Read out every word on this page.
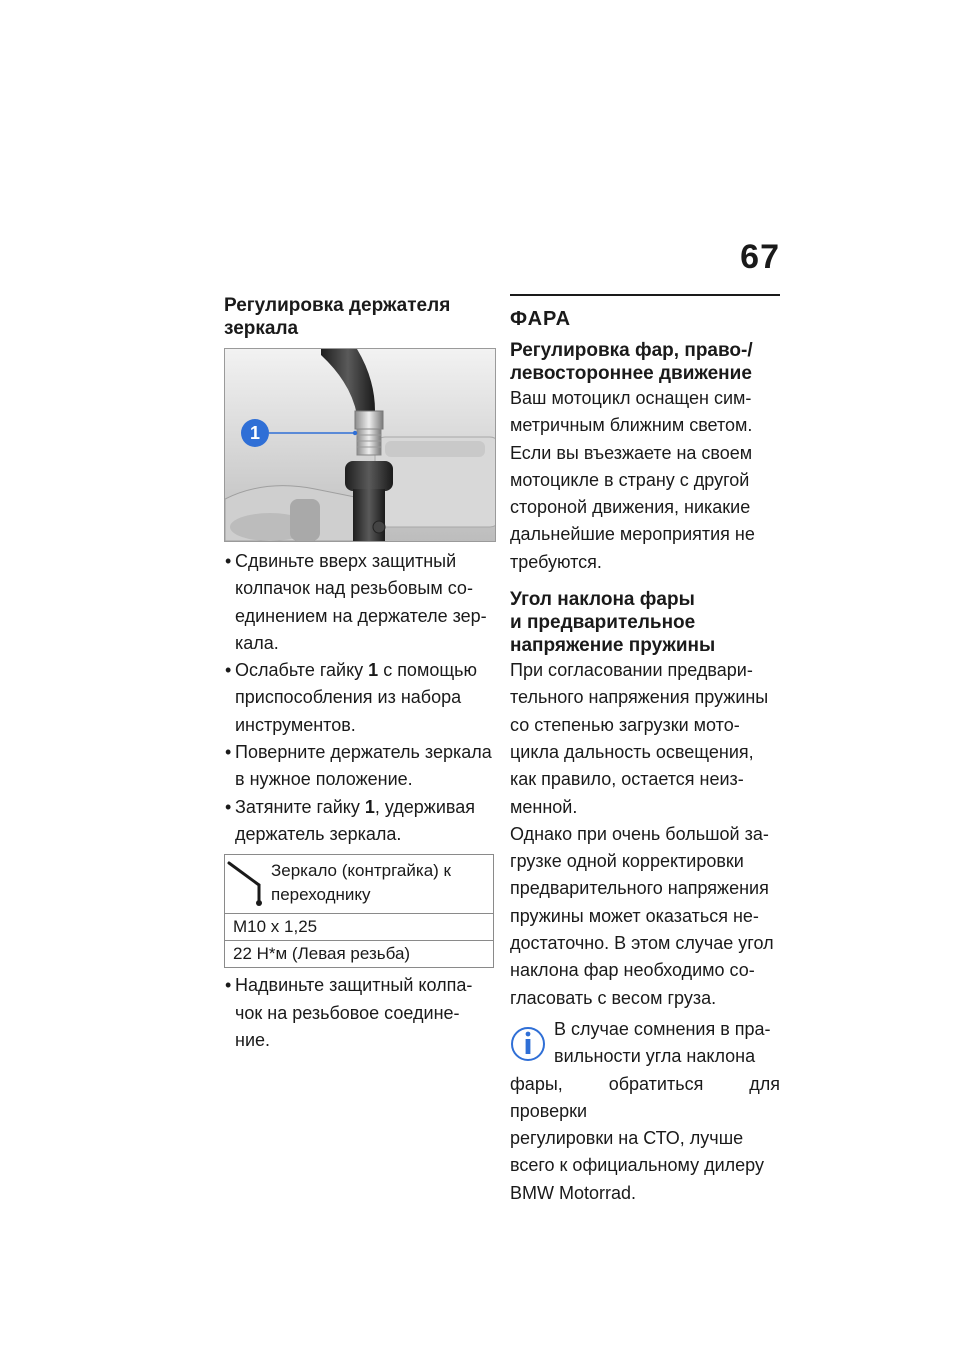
67

Регулировка держателя
зеркала

1
• Сдвиньте вверх защитный
колпачок над резьбовым со-
единением на держателе зер-
кала.
• Ослабьте гайку 1 с помощью
приспособления из набора
инструментов.
• Поверните держатель зеркала
в нужное положение.
• Затяните гайку 1, удерживая
держатель зеркала.
Зеркало (контргайка) к
переходнику
M10 x 1,25
22 Н*м (Левая резьба)
• Надвиньте защитный колпа-
чок на резьбовое соедине-
ние.

ФАРА

Регулировка фар, право-/
левостороннее движение

Ваш мотоцикл оснащен сим-
метричным ближним светом.
Если вы въезжаете на своем
мотоцикле в страну с другой
стороной движения, никакие
дальнейшие мероприятия не
требуются.

Угол наклона фары
и предварительное
напряжение пружины

При согласовании предвари-
тельного напряжения пружины
со степенью загрузки мото-
цикла дальность освещения,
как правило, остается неиз-
менной.

Однако при очень большой за-
грузке одной корректировки
предварительного напряжения
пружины может оказаться не-
достаточно. В этом случае угол
наклона фар необходимо со-
гласовать с весом груза.

В случае сомнения в пра-

вильности угла наклона

фары, обратиться для проверки

регулировки на СТО, лучше

всего к официальному дилеру

BMW Motorrad.
